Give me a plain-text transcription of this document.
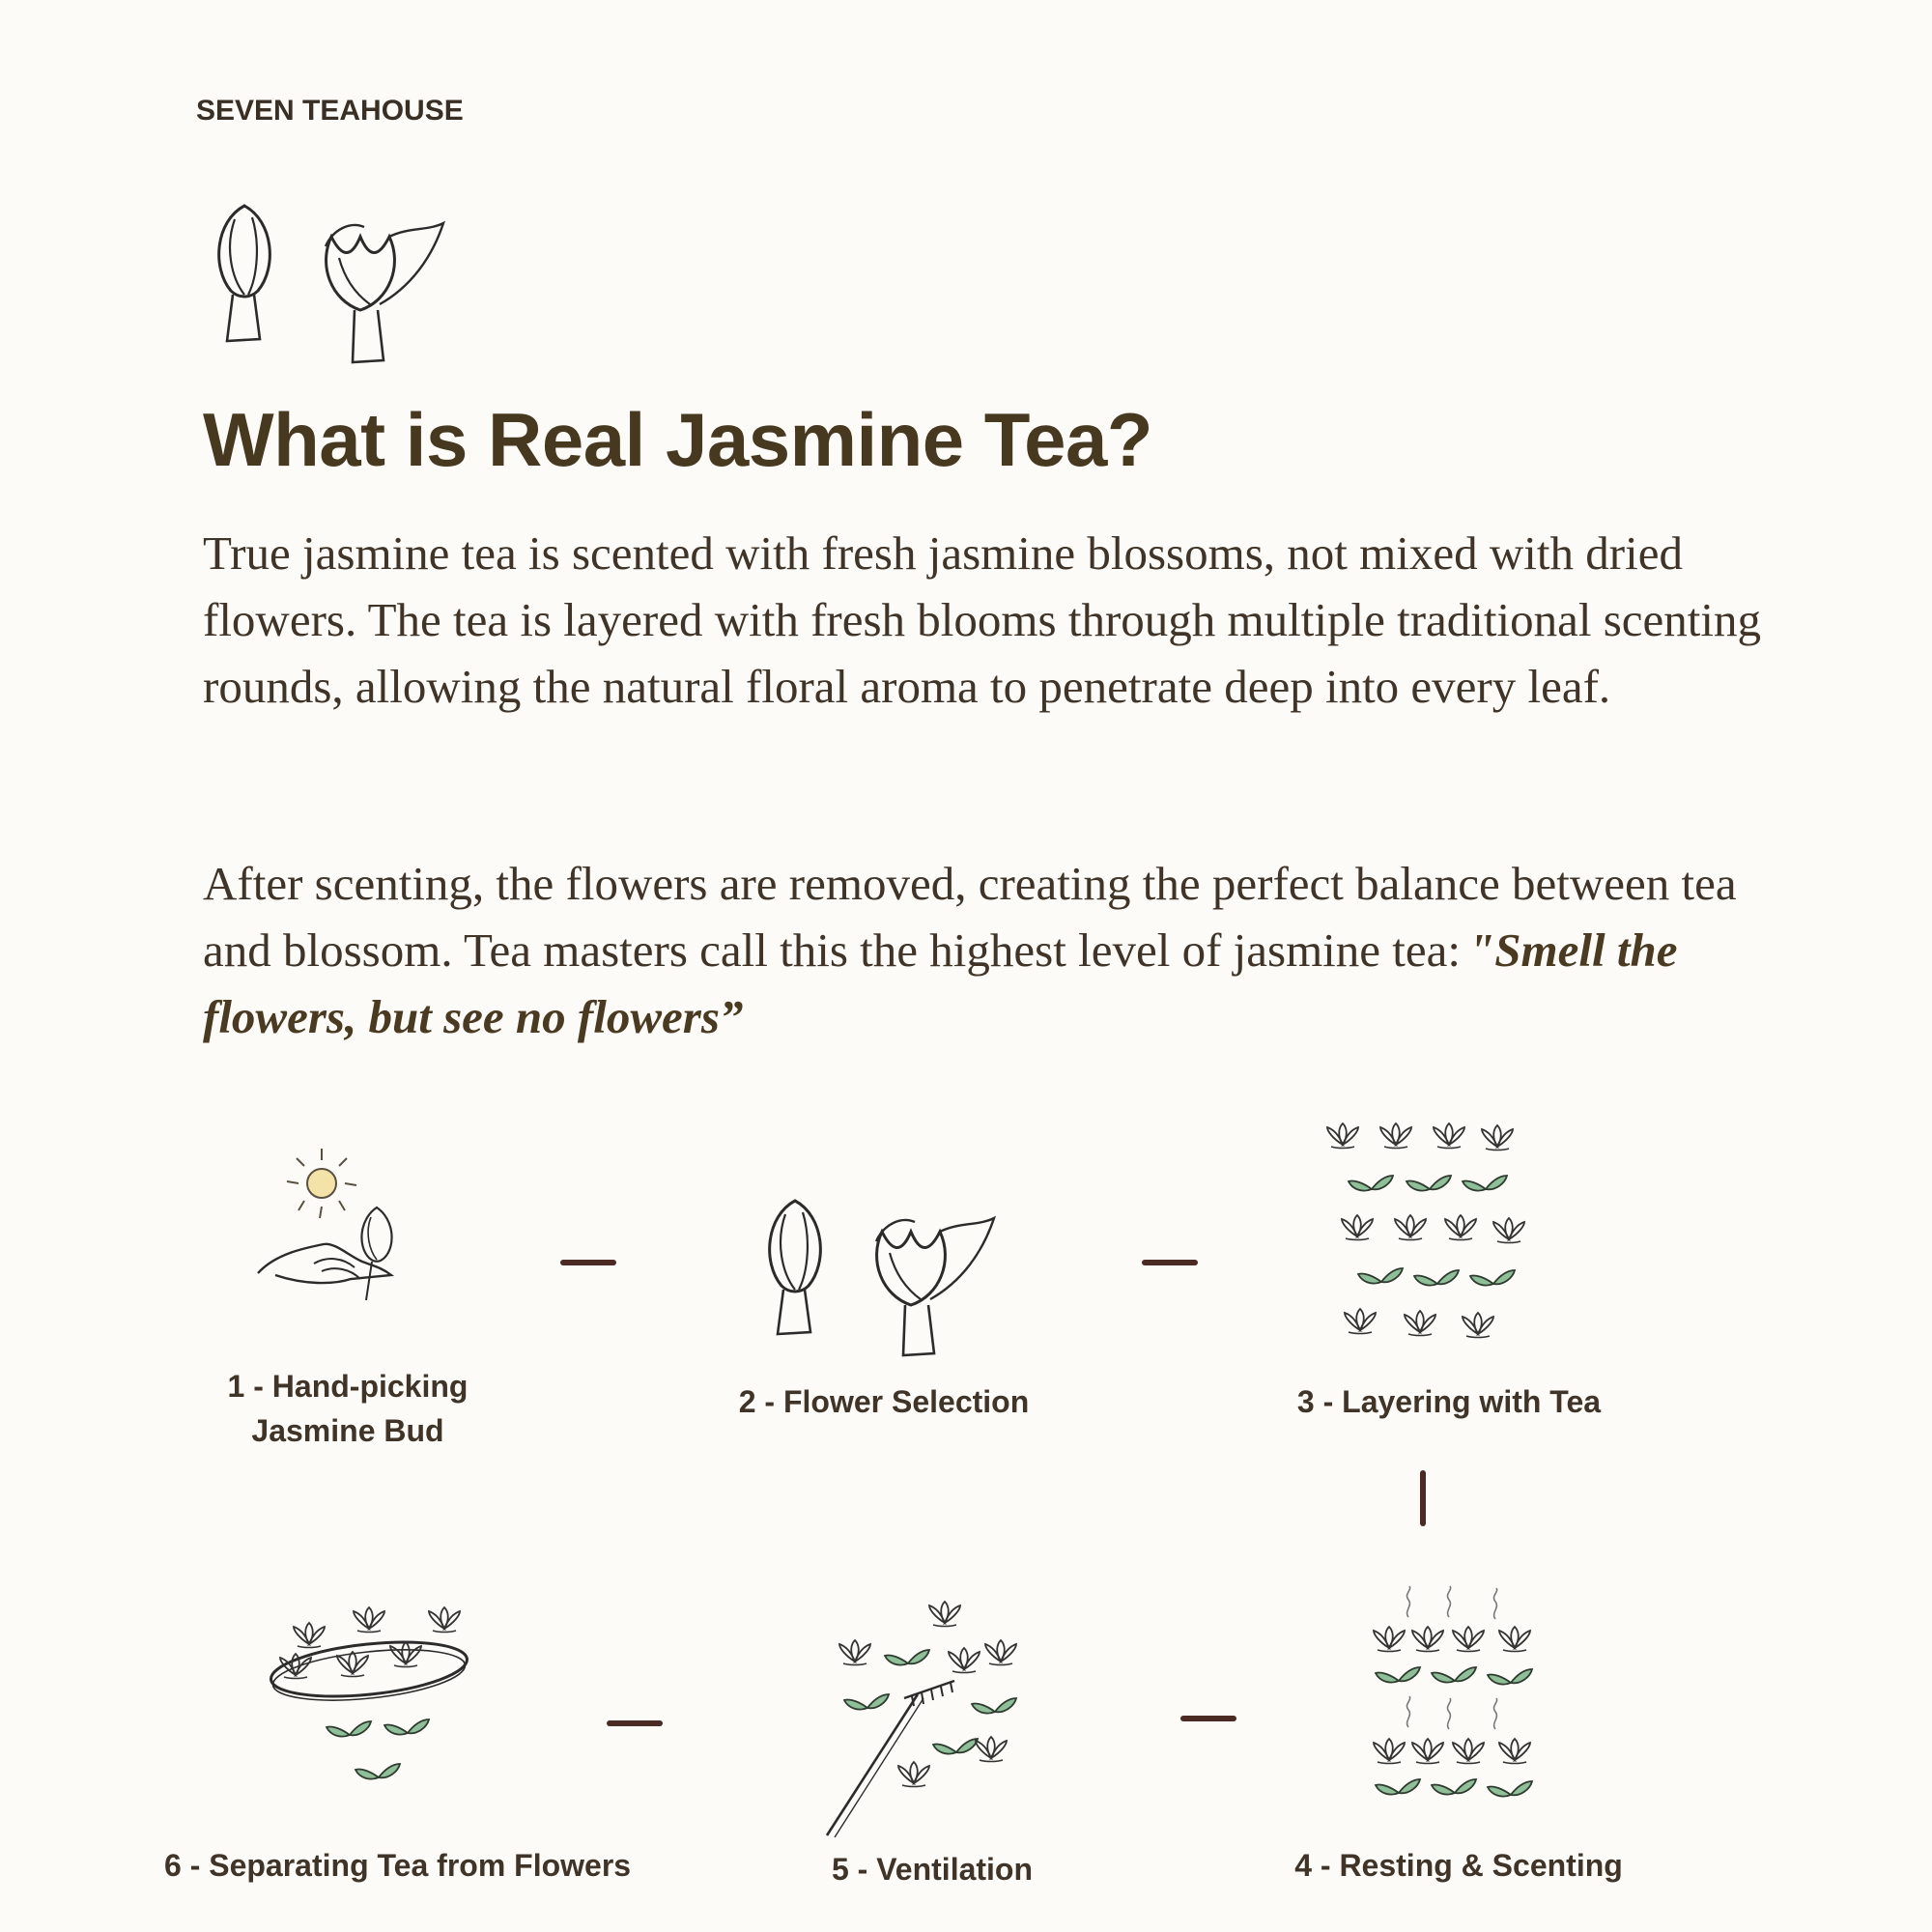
SEVEN TEAHOUSE
What is Real Jasmine Tea?

True jasmine tea is scented with fresh jasmine blossoms, not mixed with dried flowers. The tea is layered with fresh blooms through multiple traditional scenting rounds, allowing the natural floral aroma to penetrate deep into every leaf.

After scenting, the flowers are removed, creating the perfect balance between tea and blossom. Tea masters call this the highest level of jasmine tea: "Smell the flowers, but see no flowers”

1 - Hand-picking
Jasmine Bud
2 - Flower Selection	3 - Layering with Tea
4 - Resting & Scenting
5 - Ventilation
6 - Separating Tea from Flowers
